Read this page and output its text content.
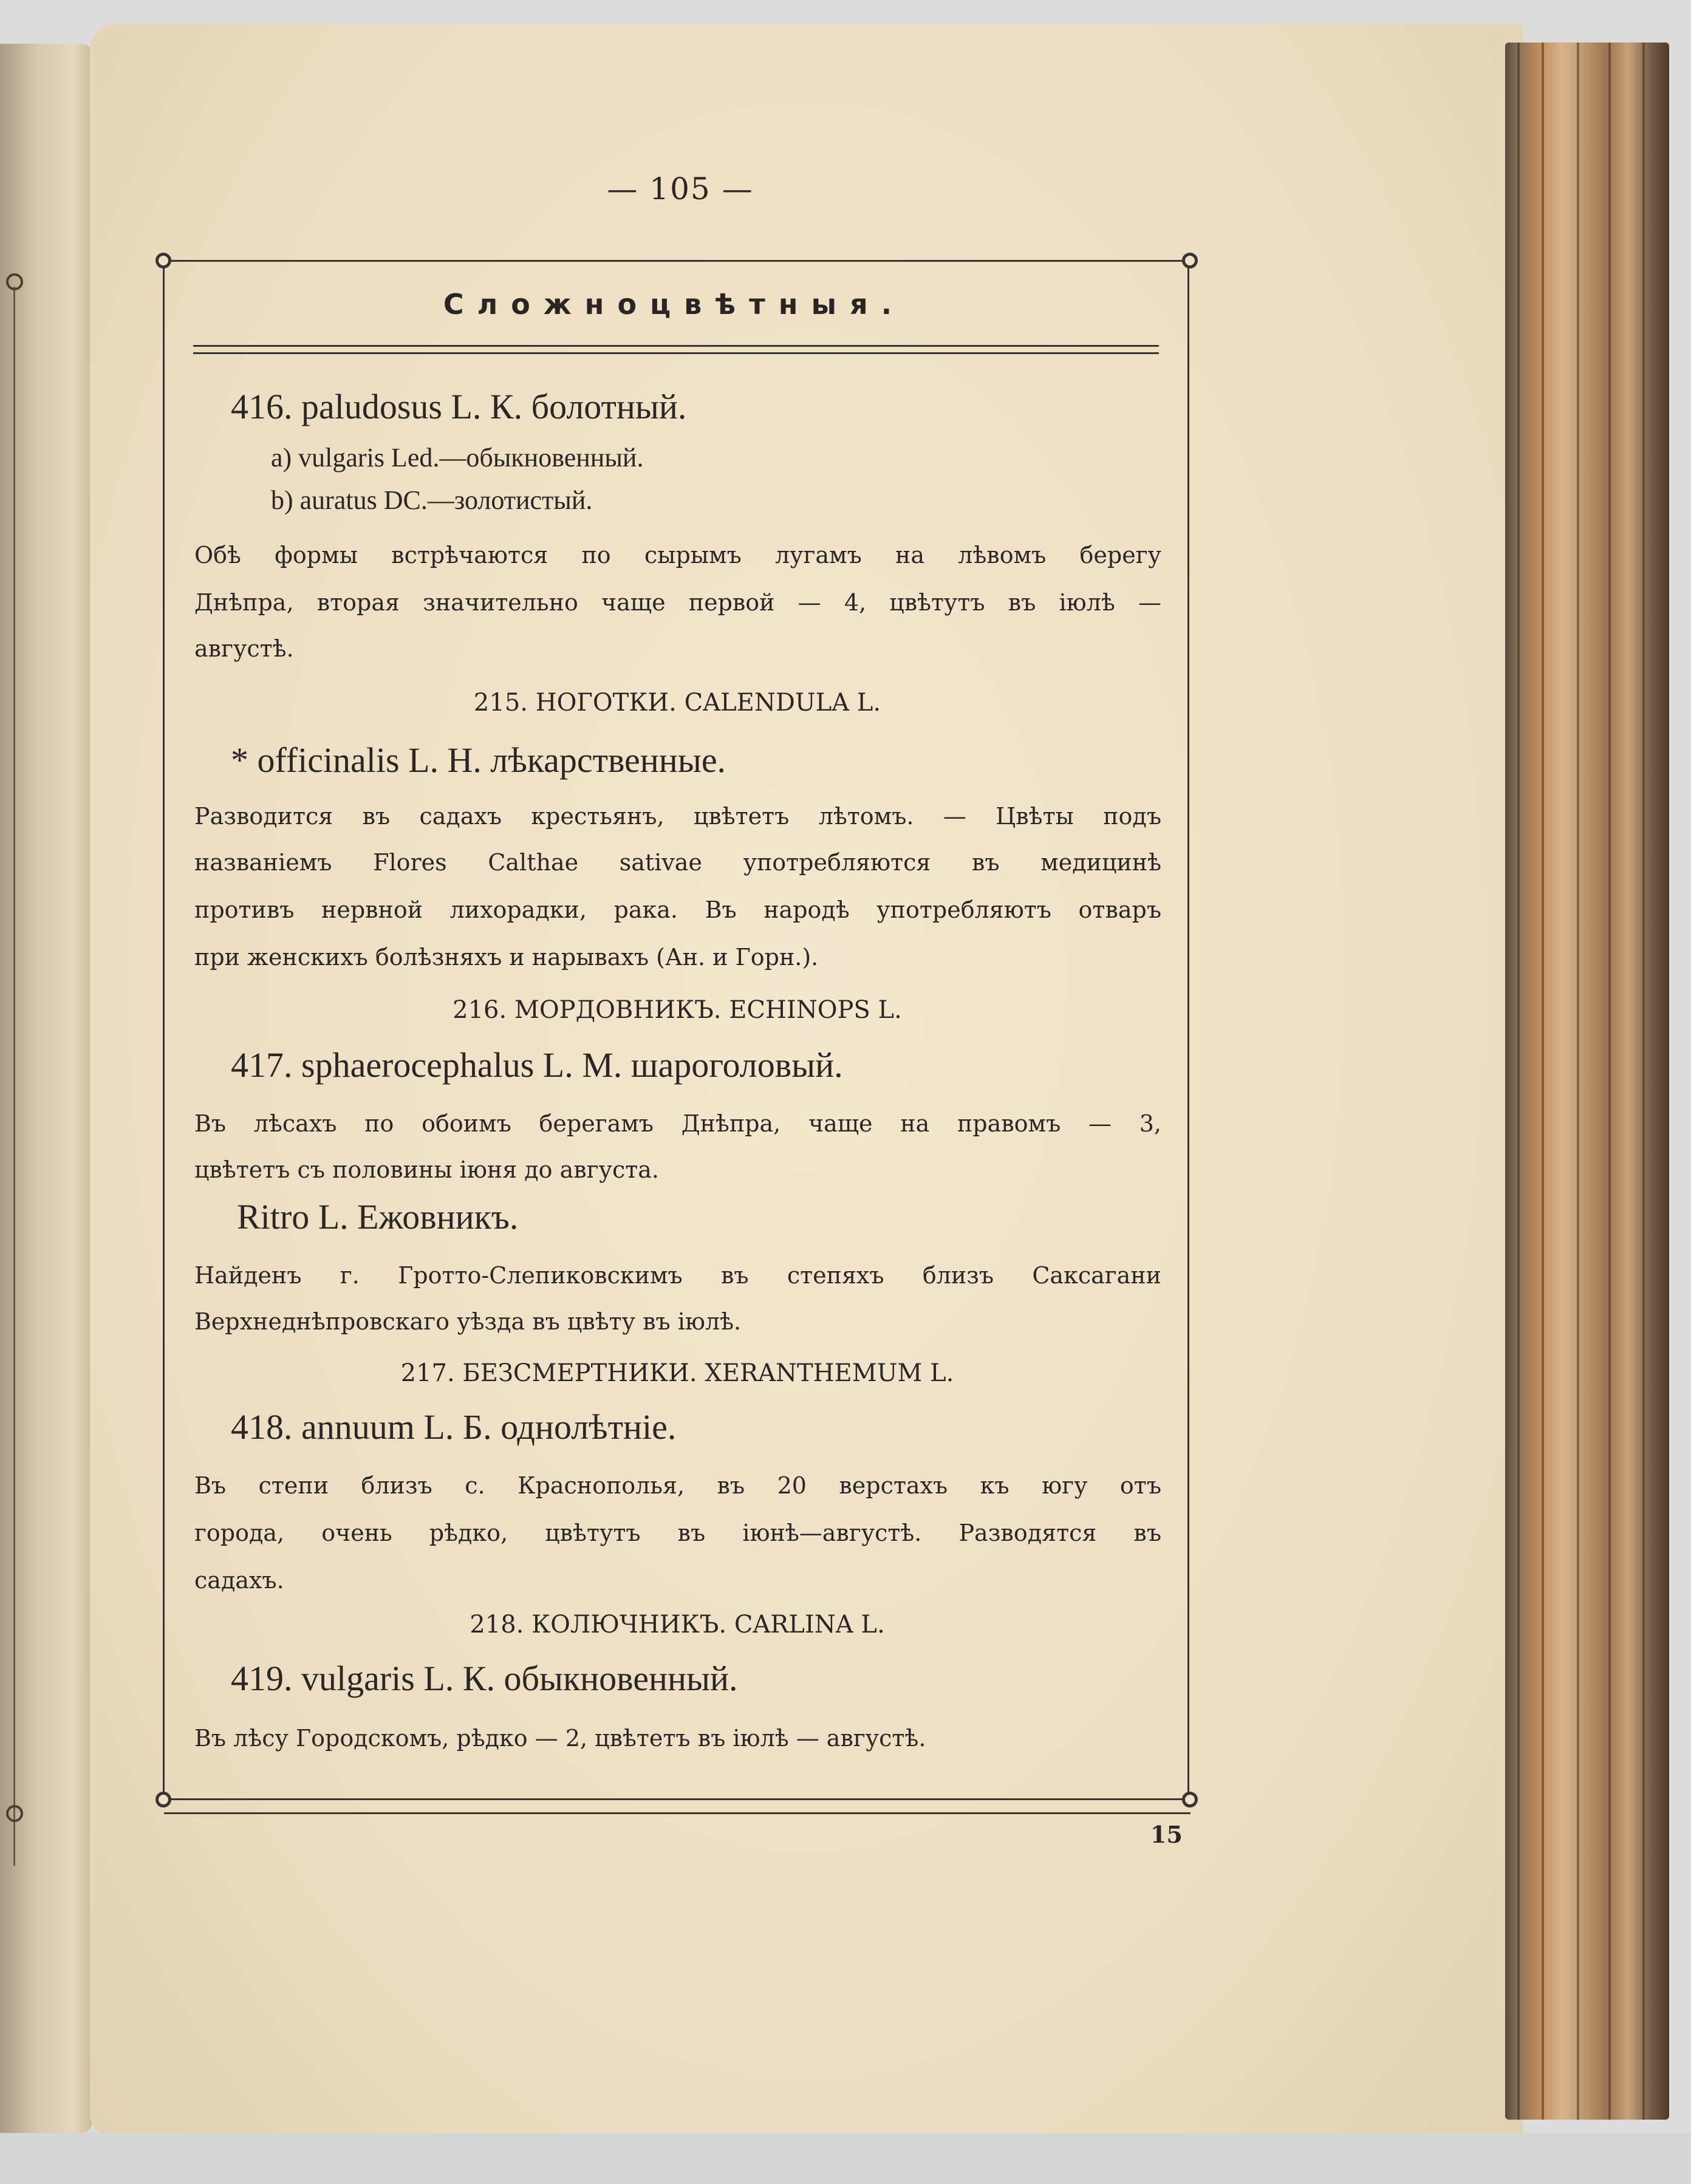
— 105 —
Сложноцвѣтныя.
416. paludosus L. К. болотный.
a) vulgaris Led.—обыкновенный.
b) auratus DC.—золотистый.
Обѣ формы встрѣчаются по сырымъ лугамъ на лѣвомъ берегу
Днѣпра, вторая значительно чаще первой — 4, цвѣтутъ въ іюлѣ —
августѣ.
215. НОГОТКИ. CALENDULA L.
* officinalis L. Н. лѣкарственные.
Разводится въ садахъ крестьянъ, цвѣтетъ лѣтомъ. — Цвѣты подъ
названіемъ Flores Calthae sativae употребляются въ медицинѣ
противъ нервной лихорадки, рака. Въ народѣ употребляютъ отваръ
при женскихъ болѣзняхъ и нарывахъ (Ан. и Горн.).
216. МОРДОВНИКЪ. ECHINOPS L.
417. sphaerocephalus L. М. шароголовый.
Въ лѣсахъ по обоимъ берегамъ Днѣпра, чаще на правомъ — 3,
цвѣтетъ съ половины іюня до августа.
Ritro L. Ежовникъ.
Найденъ г. Гротто-Слепиковскимъ въ степяхъ близъ Саксагани
Верхнеднѣпровскаго уѣзда въ цвѣту въ іюлѣ.
217. БЕЗСМЕРТНИКИ. XERANTHEMUM L.
418. annuum L. Б. однолѣтніе.
Въ степи близъ с. Краснополья, въ 20 верстахъ къ югу отъ
города, очень рѣдко, цвѣтутъ въ іюнѣ—августѣ. Разводятся въ
садахъ.
218. КОЛЮЧНИКЪ. CARLINA L.
419. vulgaris L. К. обыкновенный.
Въ лѣсу Городскомъ, рѣдко — 2, цвѣтетъ въ іюлѣ — августѣ.
15
